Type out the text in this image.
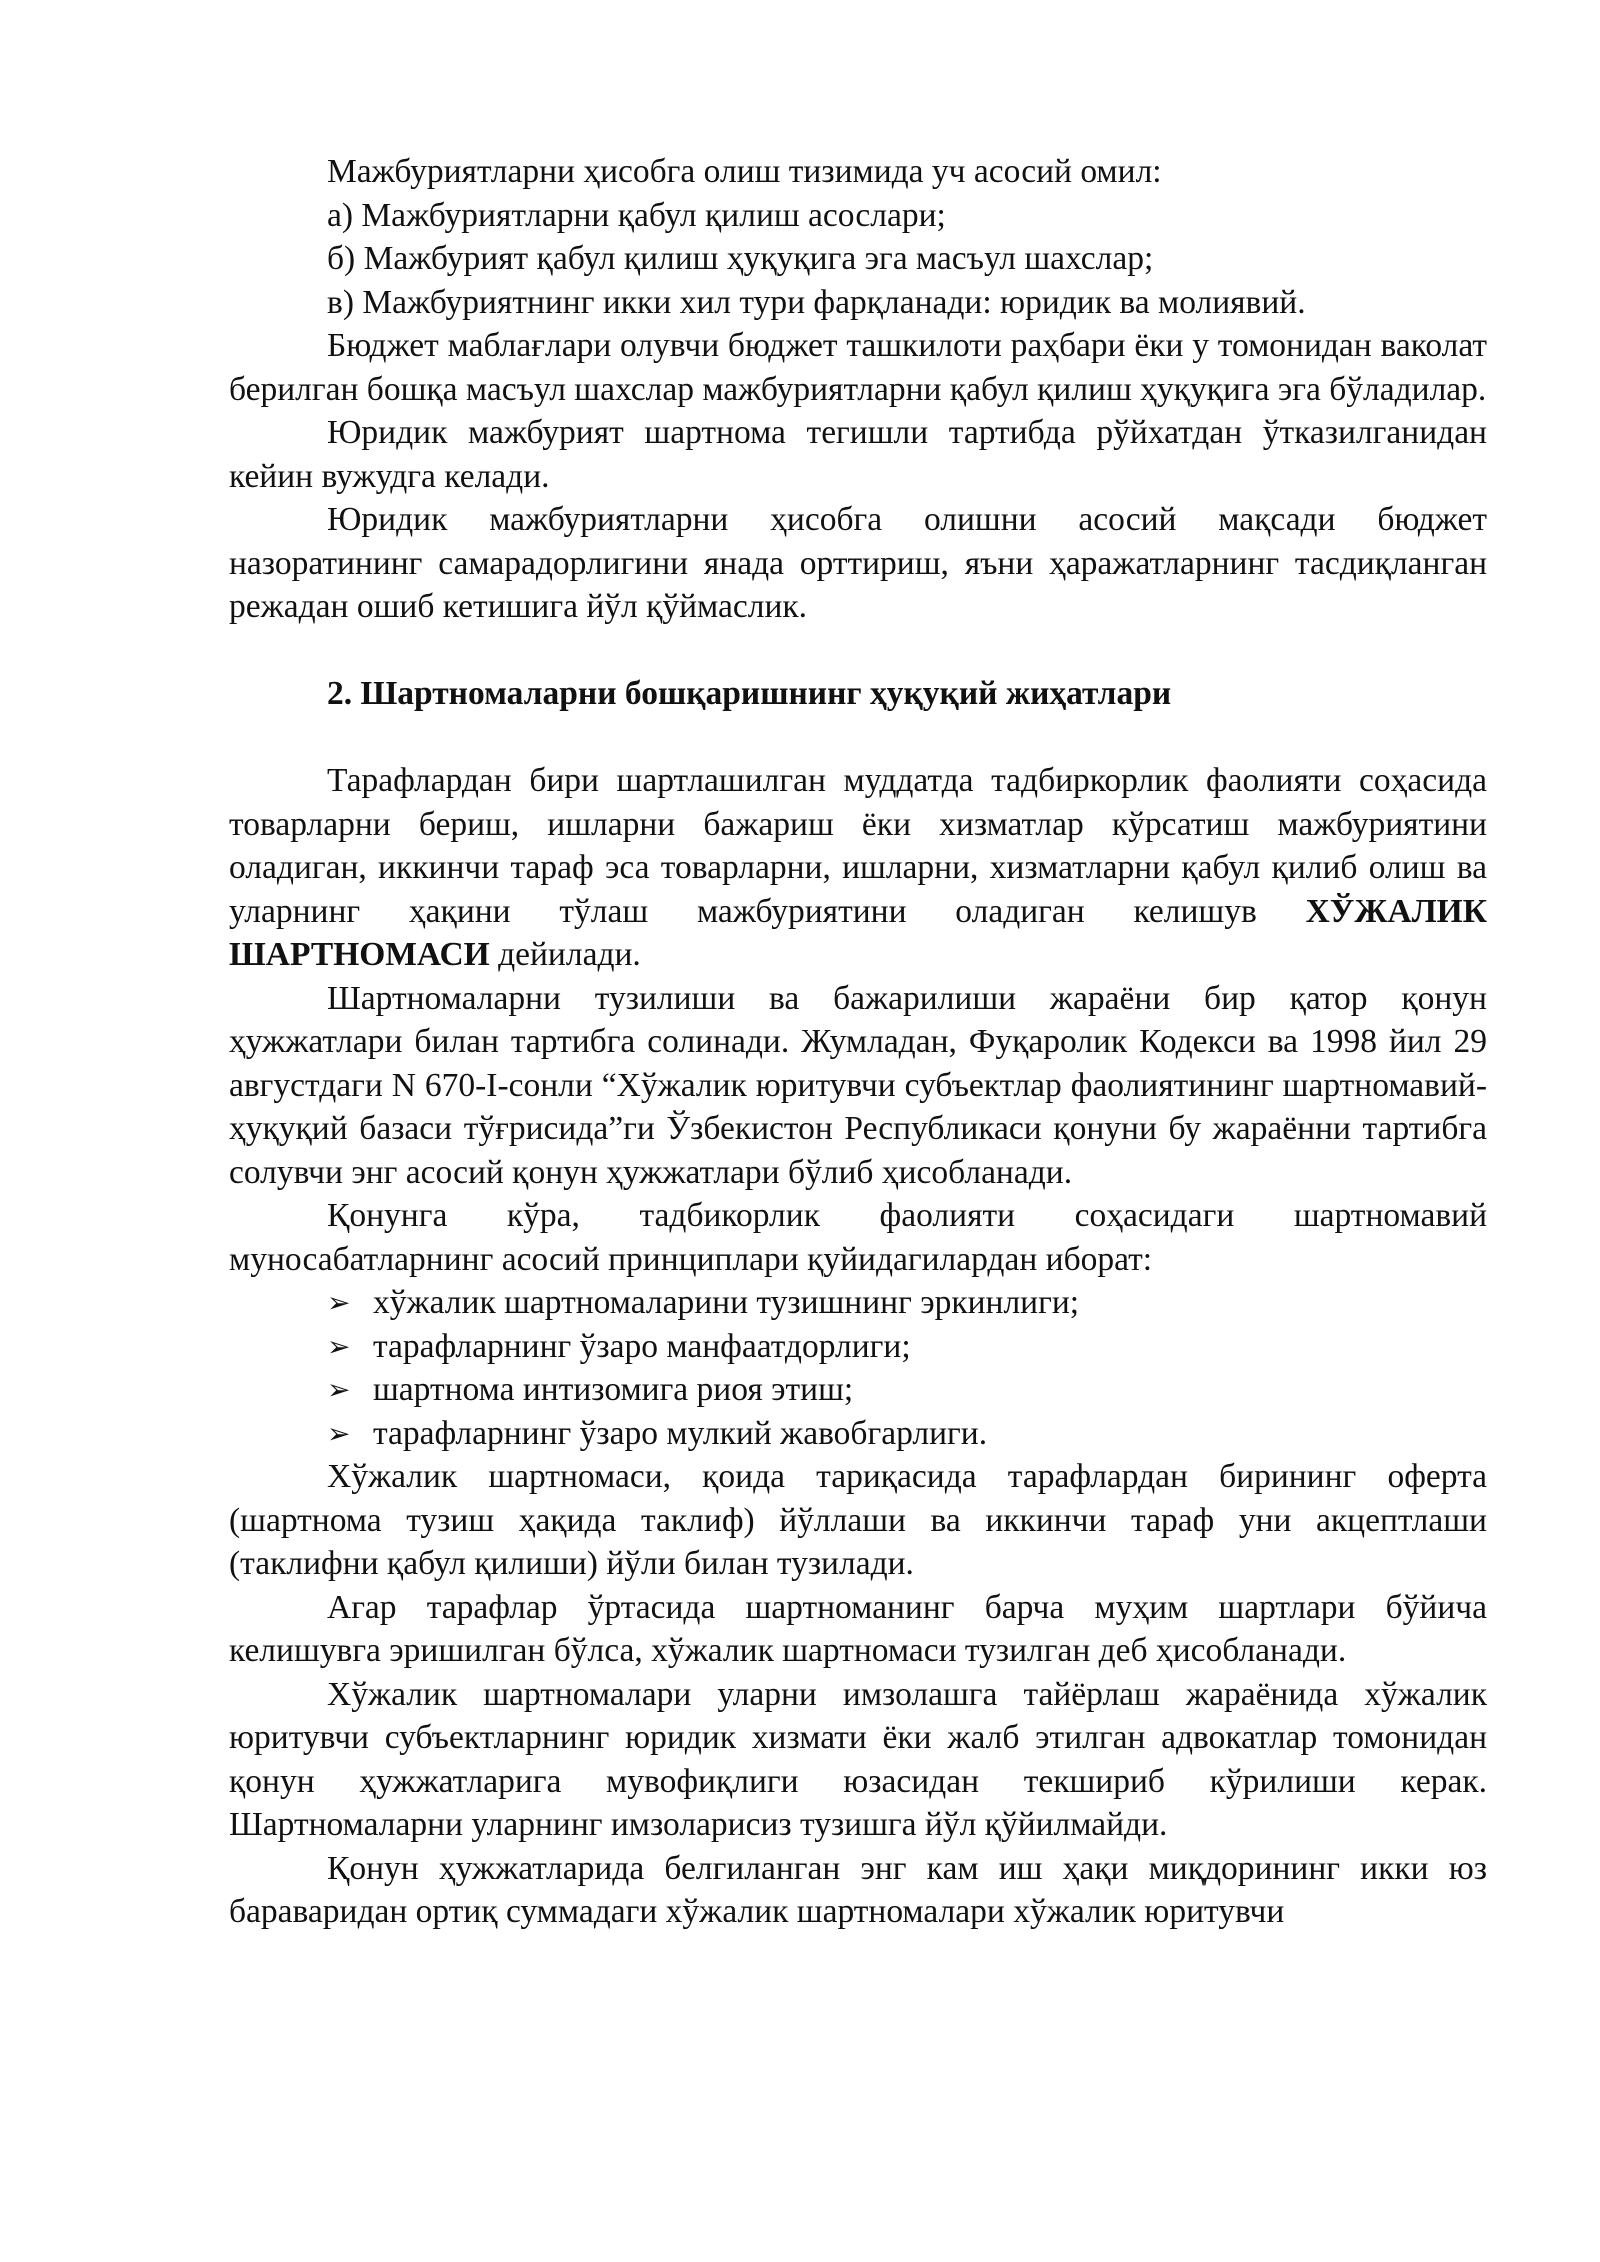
Мажбуриятларни ҳисобга олиш тизимида уч асосий омил:

а) Мажбуриятларни қабул қилиш асослари;

б) Мажбурият қабул қилиш ҳуқуқига эга масъул шахслар;

в) Мажбуриятнинг икки хил тури фарқланади: юридик ва молиявий.

Бюджет маблағлари олувчи бюджет ташкилоти раҳбари ёки у томонидан ваколат берилган бошқа масъул шахслар мажбуриятларни қабул қилиш ҳуқуқига эга бўладилар.

Юридик мажбурият шартнома тегишли тартибда рўйхатдан ўтказилганидан кейин вужудга келади.

Юридик мажбуриятларни ҳисобга олишни асосий мақсади бюджет назоратининг самарадорлигини янада орттириш, яъни ҳаражатларнинг тасдиқланган режадан ошиб кетишига йўл қўймаслик.

2. Шартномаларни бошқаришнинг ҳуқуқий жиҳатлари

Тарафлардан бири шартлашилган муддатда тадбиркорлик фаолияти соҳасида товарларни бериш, ишларни бажариш ёки хизматлар кўрсатиш мажбуриятини оладиган, иккинчи тараф эса товарларни, ишларни, хизматларни қабул қилиб олиш ва уларнинг ҳақини тўлаш мажбуриятини оладиган келишув ХЎЖАЛИК ШАРТНОМАСИ дейилади.

Шартномаларни тузилиши ва бажарилиши жараёни бир қатор қонун ҳужжатлари билан тартибга солинади. Жумладан, Фуқаролик Кодекси ва 1998 йил 29 августдаги N 670-I-сонли “Хўжалик юритувчи субъектлар фаолиятининг шартномавий-ҳуқуқий базаси тўғрисида”ги Ўзбекистон Республикаси қонуни бу жараённи тартибга солувчи энг асосий қонун ҳужжатлари бўлиб ҳисобланади.

Қонунга кўра, тадбикорлик фаолияти соҳасидаги шартномавий муносабатларнинг асосий принциплари қуйидагилардан иборат:

➢ хўжалик шартномаларини тузишнинг эркинлиги;
➢ тарафларнинг ўзаро манфаатдорлиги;
➢ шартнома интизомига риоя этиш;
➢ тарафларнинг ўзаро мулкий жавобгарлиги.

Хўжалик шартномаси, қоида тариқасида тарафлардан бирининг оферта (шартнома тузиш ҳақида таклиф) йўллаши ва иккинчи тараф уни акцептлаши (таклифни қабул қилиши) йўли билан тузилади.

Агар тарафлар ўртасида шартноманинг барча муҳим шартлари бўйича келишувга эришилган бўлса, хўжалик шартномаси тузилган деб ҳисобланади.

Хўжалик шартномалари уларни имзолашга тайёрлаш жараёнида хўжалик юритувчи субъектларнинг юридик хизмати ёки жалб этилган адвокатлар томонидан қонун ҳужжатларига мувофиқлиги юзасидан текшириб кўрилиши керак. Шартномаларни уларнинг имзоларисиз тузишга йўл қўйилмайди.

Қонун ҳужжатларида белгиланган энг кам иш ҳақи миқдорининг икки юз бараваридан ортиқ суммадаги хўжалик шартномалари хўжалик юритувчи
